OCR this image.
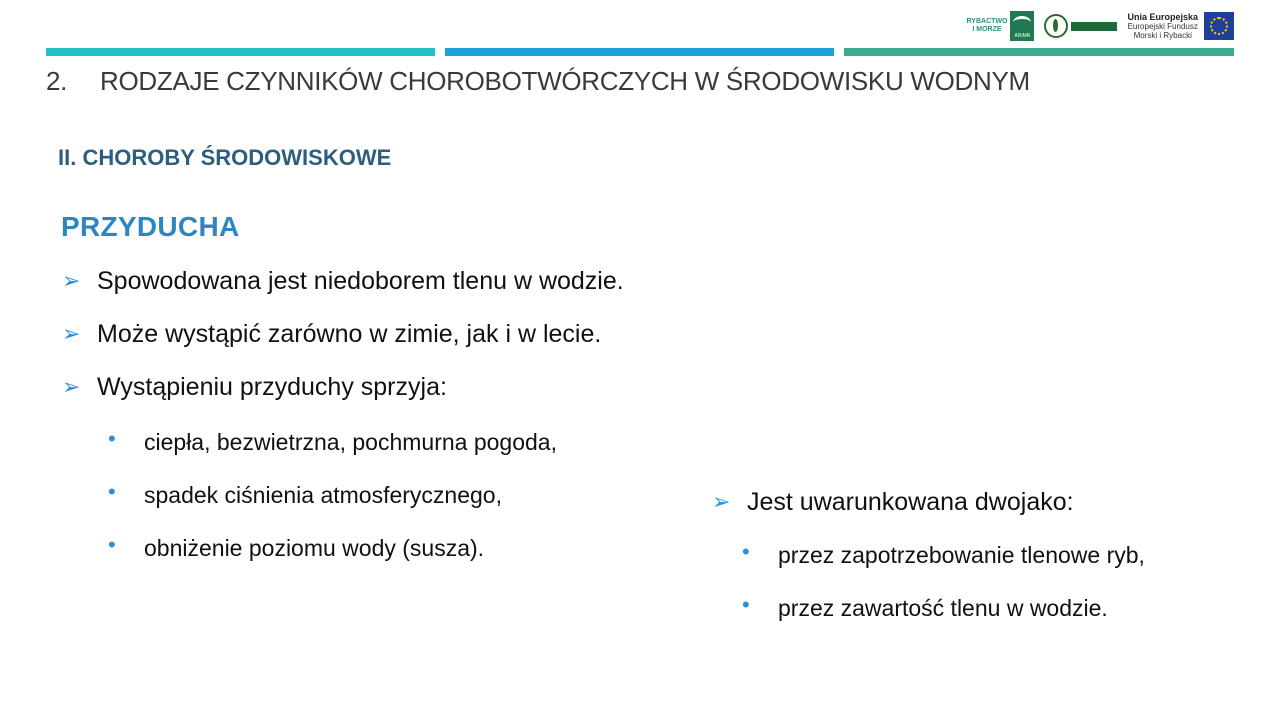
RYBACTWO
I MORZE
ARiMR
Unia Europejska
Europejski Fundusz
Morski i Rybacki
2. RODZAJE CZYNNIKÓW CHOROBOTWÓRCZYCH W ŚRODOWISKU WODNYM
II. CHOROBY ŚRODOWISKOWE
PRZYDUCHA
➢ Spowodowana jest niedoborem tlenu w wodzie.
➢ Może wystąpić zarówno w zimie, jak i w lecie.
➢ Wystąpieniu przyduchy sprzyja:
• ciepła, bezwietrzna, pochmurna pogoda,
• spadek ciśnienia atmosferycznego,
• obniżenie poziomu wody (susza).
➢ Jest uwarunkowana dwojako:
• przez zapotrzebowanie tlenowe ryb,
• przez zawartość tlenu w wodzie.
